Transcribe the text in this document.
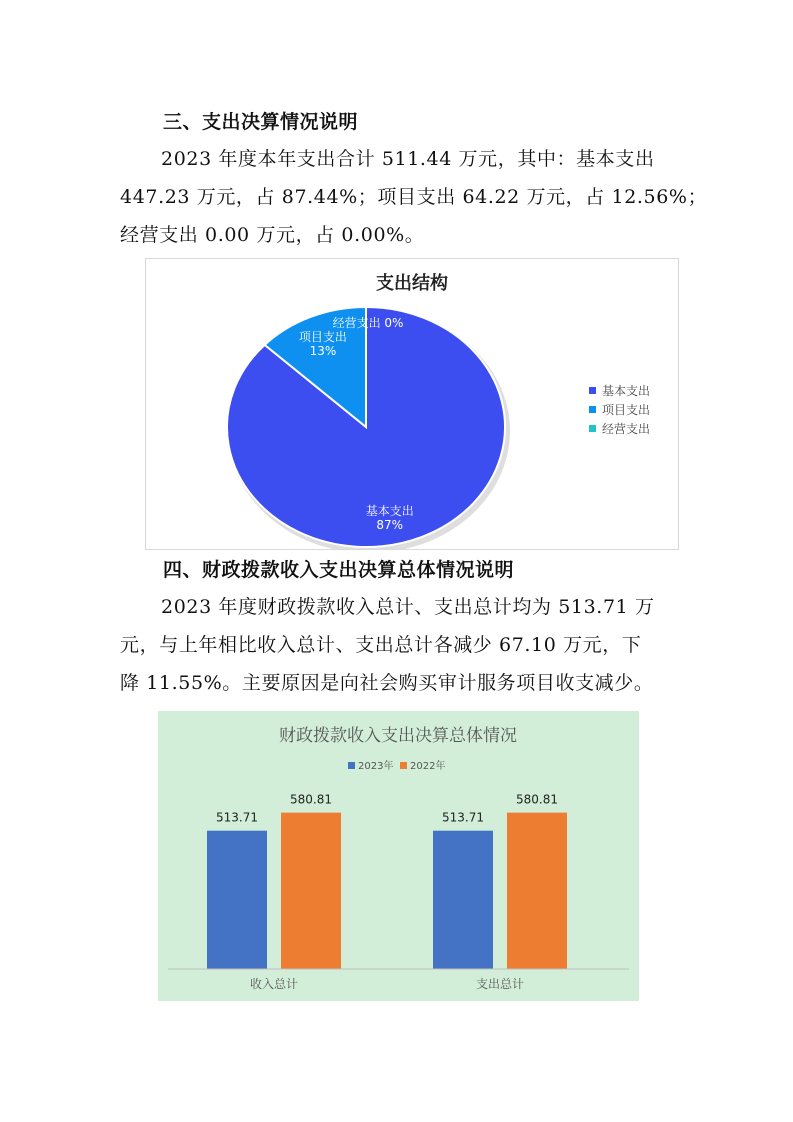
三、支出决算情况说明
2023 年度本年支出合计 511.44 万元，其中：基本支出
447.23 万元，占 87.44%；项目支出 64.22 万元，占 12.56%；
经营支出 0.00 万元，占 0.00%。
支出结构
基本支出
87%
项目支出
13%
经营支出 0%
基本支出
项目支出
经营支出
四、财政拨款收入支出决算总体情况说明
2023 年度财政拨款收入总计、支出总计均为 513.71 万
元，与上年相比收入总计、支出总计各减少 67.10 万元，下
降 11.55%。主要原因是向社会购买审计服务项目收支减少。
财政拨款收入支出决算总体情况
2023年 2022年
513.71
580.81
513.71
580.81
收入总计	支出总计
